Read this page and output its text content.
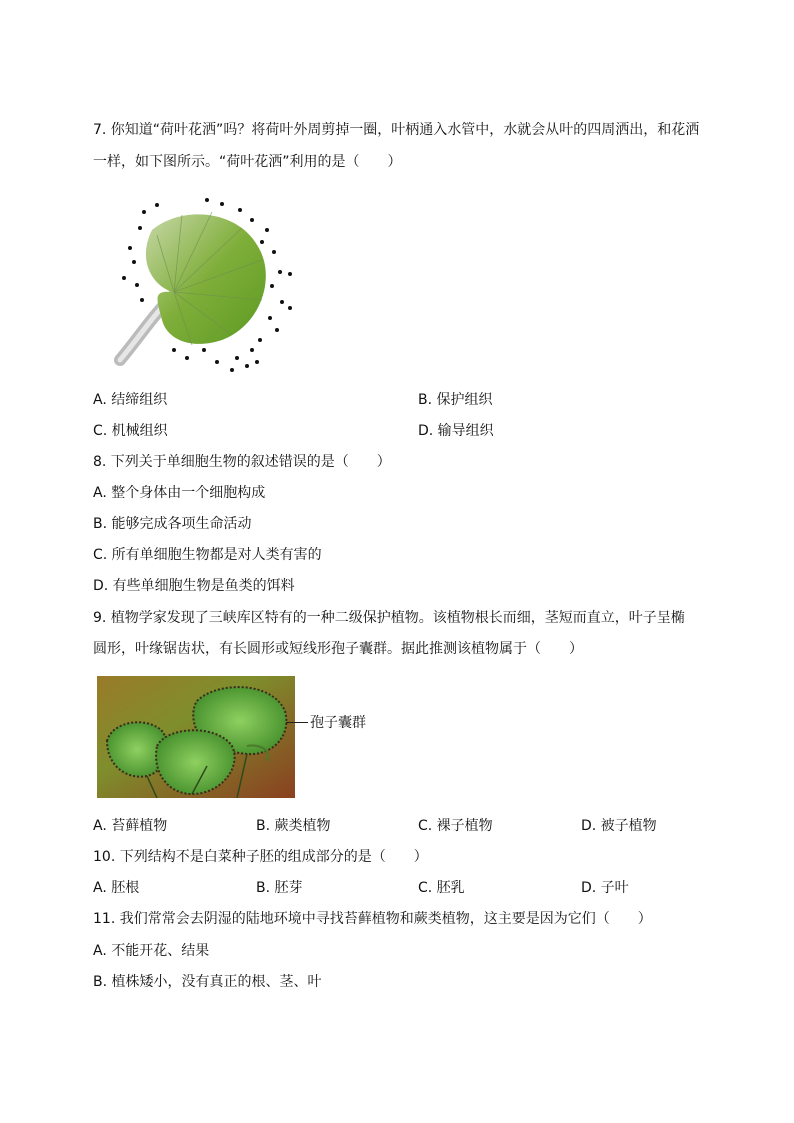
7. 你知道“荷叶花洒”吗？将荷叶外周剪掉一圈，叶柄通入水管中，水就会从叶的四周洒出，和花洒
一样，如下图所示。“荷叶花洒”利用的是（　　）
A. 结缔组织	B. 保护组织
C. 机械组织	D. 输导组织
8. 下列关于单细胞生物的叙述错误的是（　　）
A. 整个身体由一个细胞构成
B. 能够完成各项生命活动
C. 所有单细胞生物都是对人类有害的
D. 有些单细胞生物是鱼类的饵料
9. 植物学家发现了三峡库区特有的一种二级保护植物。该植物根长而细，茎短而直立，叶子呈椭
圆形，叶缘锯齿状，有长圆形或短线形孢子囊群。据此推测该植物属于（　　）
孢子囊群
A. 苔藓植物	B. 蕨类植物	C. 裸子植物	D. 被子植物
10. 下列结构不是白菜种子胚的组成部分的是（　　）
A. 胚根	B. 胚芽	C. 胚乳	D. 子叶
11. 我们常常会去阴湿的陆地环境中寻找苔藓植物和蕨类植物，这主要是因为它们（　　）
A. 不能开花、结果
B. 植株矮小，没有真正的根、茎、叶
